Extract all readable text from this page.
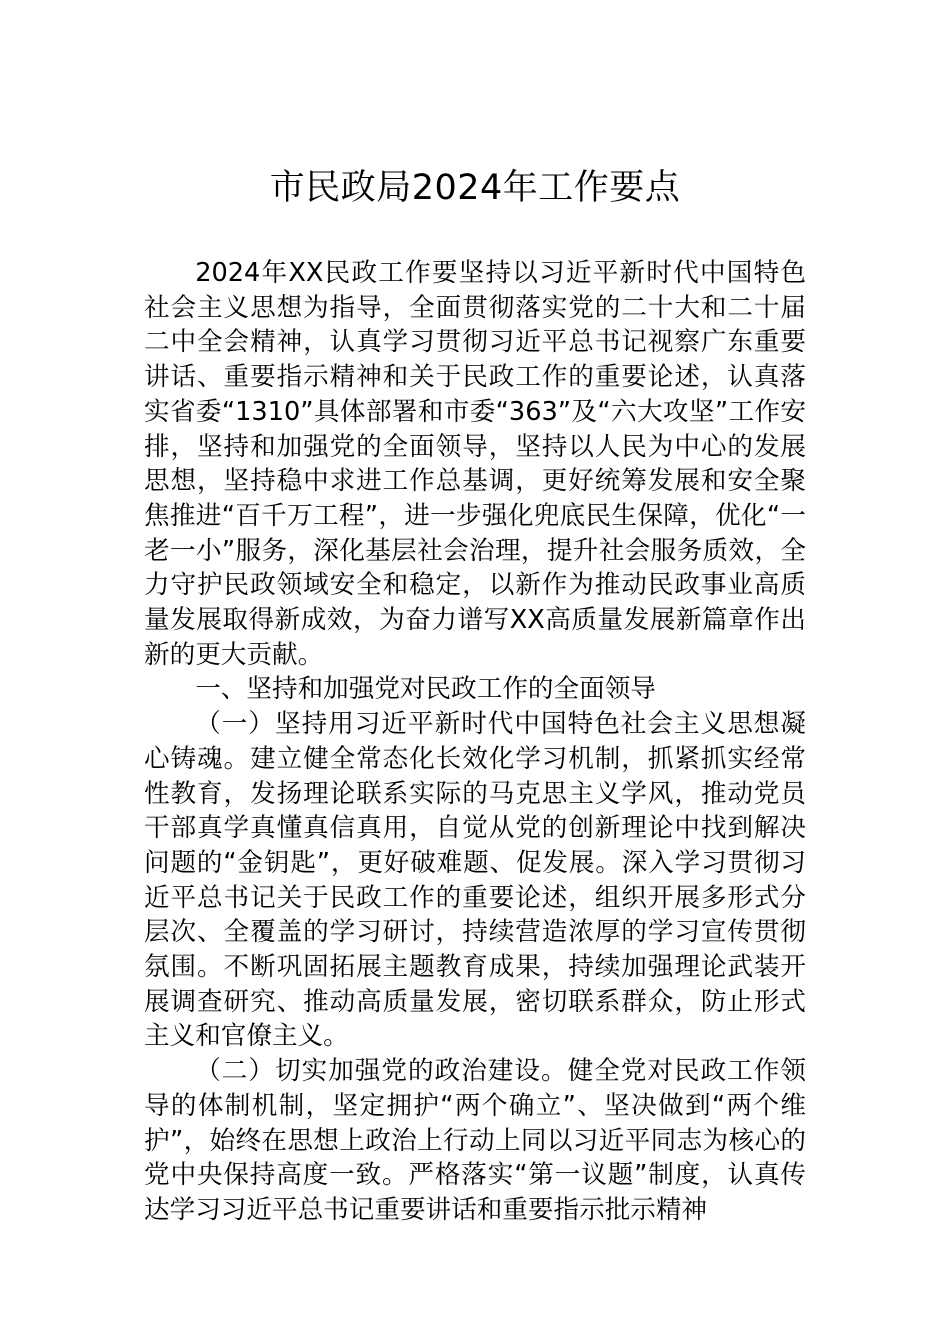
市民政局2024年工作要点

2024年XX民政工作要坚持以习近平新时代中国特色社会主义思想为指导，全面贯彻落实党的二十大和二十届二中全会精神，认真学习贯彻习近平总书记视察广东重要讲话、重要指示精神和关于民政工作的重要论述，认真落实省委“1310”具体部署和市委“363”及“六大攻坚”工作安排，坚持和加强党的全面领导，坚持以人民为中心的发展思想，坚持稳中求进工作总基调，更好统筹发展和安全聚焦推进“百千万工程”，进一步强化兜底民生保障，优化“一老一小”服务，深化基层社会治理，提升社会服务质效，全力守护民政领域安全和稳定，以新作为推动民政事业高质量发展取得新成效，为奋力谱写XX高质量发展新篇章作出新的更大贡献。

一、坚持和加强党对民政工作的全面领导

（一）坚持用习近平新时代中国特色社会主义思想凝心铸魂。建立健全常态化长效化学习机制，抓紧抓实经常性教育，发扬理论联系实际的马克思主义学风，推动党员干部真学真懂真信真用，自觉从党的创新理论中找到解决问题的“金钥匙”，更好破难题、促发展。深入学习贯彻习近平总书记关于民政工作的重要论述，组织开展多形式分层次、全覆盖的学习研讨，持续营造浓厚的学习宣传贯彻氛围。不断巩固拓展主题教育成果，持续加强理论武装开展调查研究、推动高质量发展，密切联系群众，防止形式主义和官僚主义。

（二）切实加强党的政治建设。健全党对民政工作领导的体制机制，坚定拥护“两个确立”、坚决做到“两个维护”，始终在思想上政治上行动上同以习近平同志为核心的党中央保持高度一致。严格落实“第一议题”制度，认真传达学习习近平总书记重要讲话和重要指示批示精神
